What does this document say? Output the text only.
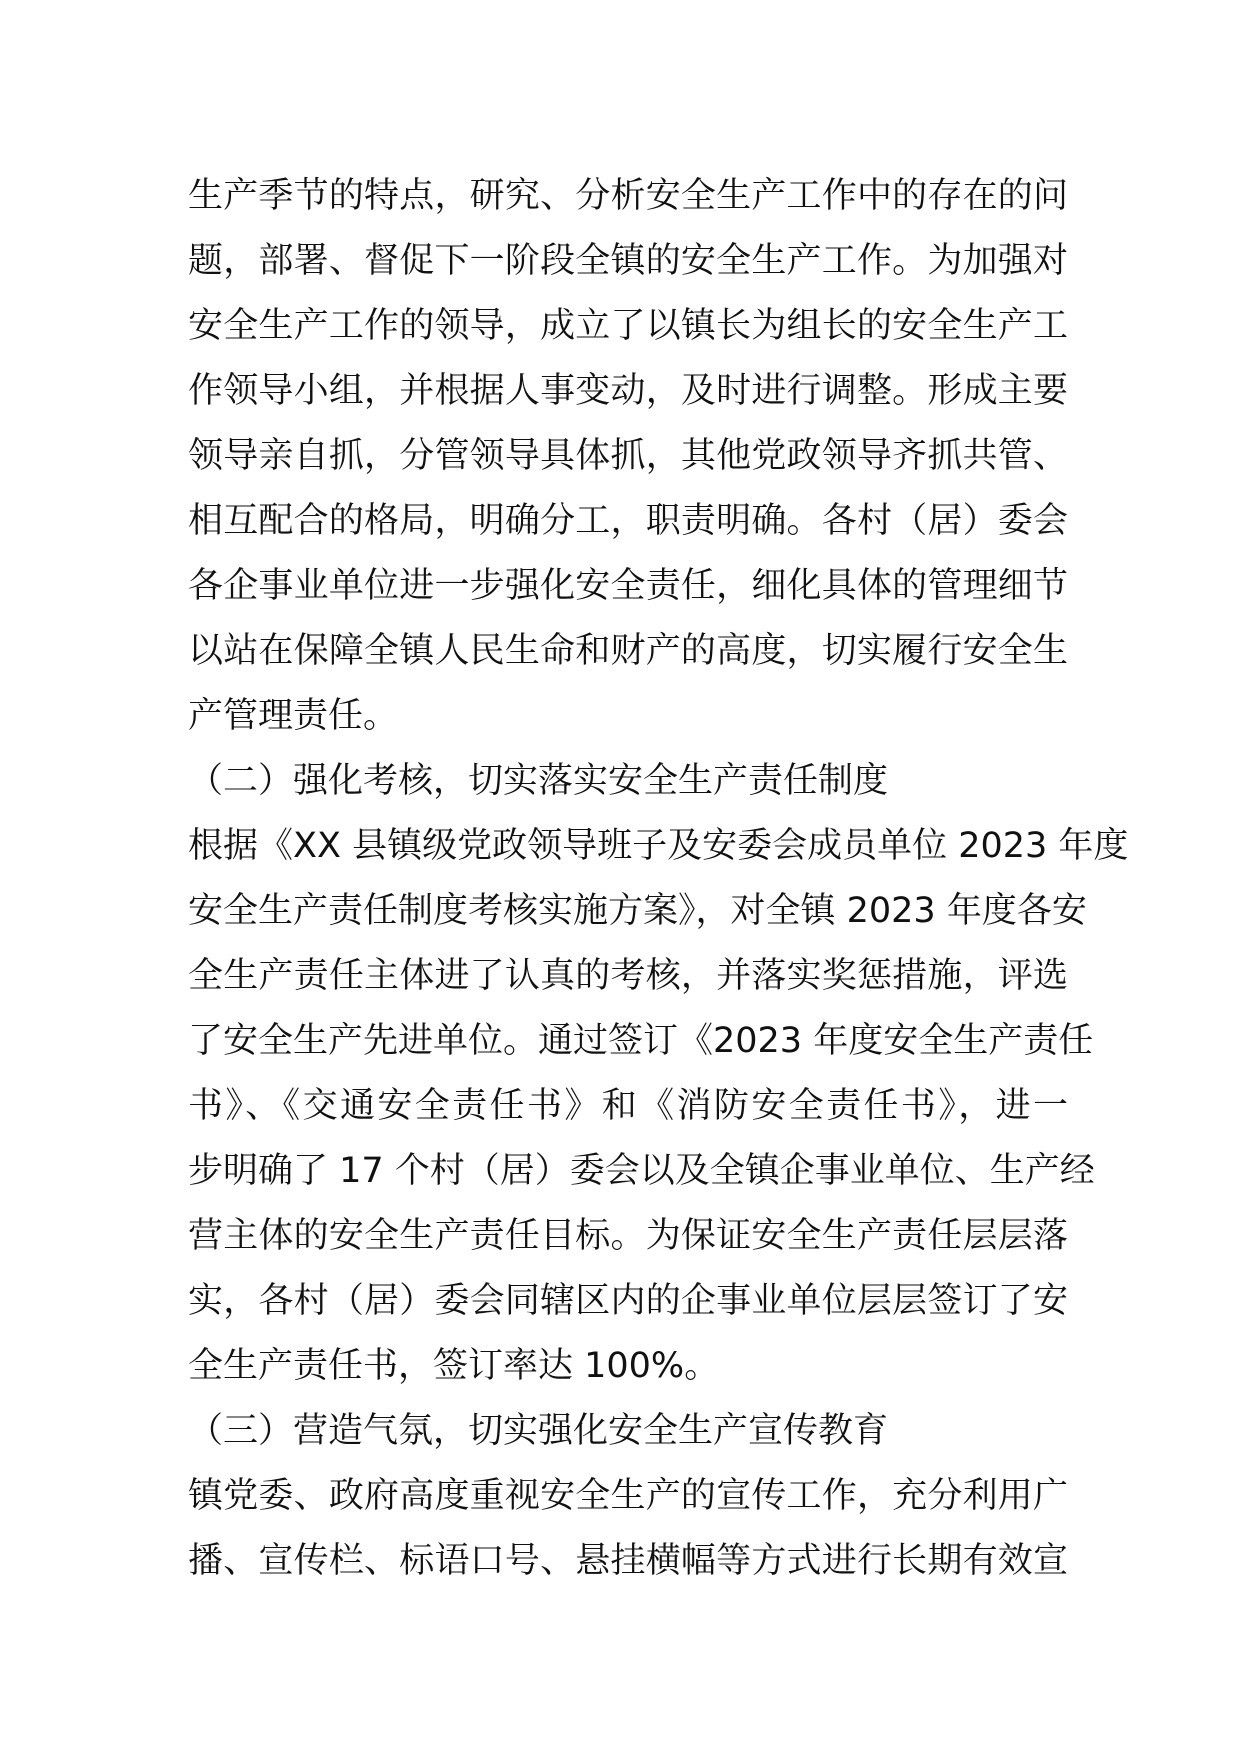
生产季节的特点，研究、分析安全生产工作中的存在的问
题，部署、督促下一阶段全镇的安全生产工作。为加强对
安全生产工作的领导，成立了以镇长为组长的安全生产工
作领导小组，并根据人事变动，及时进行调整。形成主要
领导亲自抓，分管领导具体抓，其他党政领导齐抓共管、
相互配合的格局，明确分工，职责明确。各村（居）委会
各企事业单位进一步强化安全责任，细化具体的管理细节
以站在保障全镇人民生命和财产的高度，切实履行安全生
产管理责任。
（二）强化考核，切实落实安全生产责任制度
根据《XX 县镇级党政领导班子及安委会成员单位 2023 年度
安全生产责任制度考核实施方案》，对全镇 2023 年度各安
全生产责任主体进了认真的考核，并落实奖惩措施，评选
了安全生产先进单位。通过签订《2023 年度安全生产责任
书》、《交通安全责任书》和《消防安全责任书》，进一
步明确了 17 个村（居）委会以及全镇企事业单位、生产经
营主体的安全生产责任目标。为保证安全生产责任层层落
实，各村（居）委会同辖区内的企事业单位层层签订了安
全生产责任书，签订率达 100%。
（三）营造气氛，切实强化安全生产宣传教育
镇党委、政府高度重视安全生产的宣传工作，充分利用广
播、宣传栏、标语口号、悬挂横幅等方式进行长期有效宣
